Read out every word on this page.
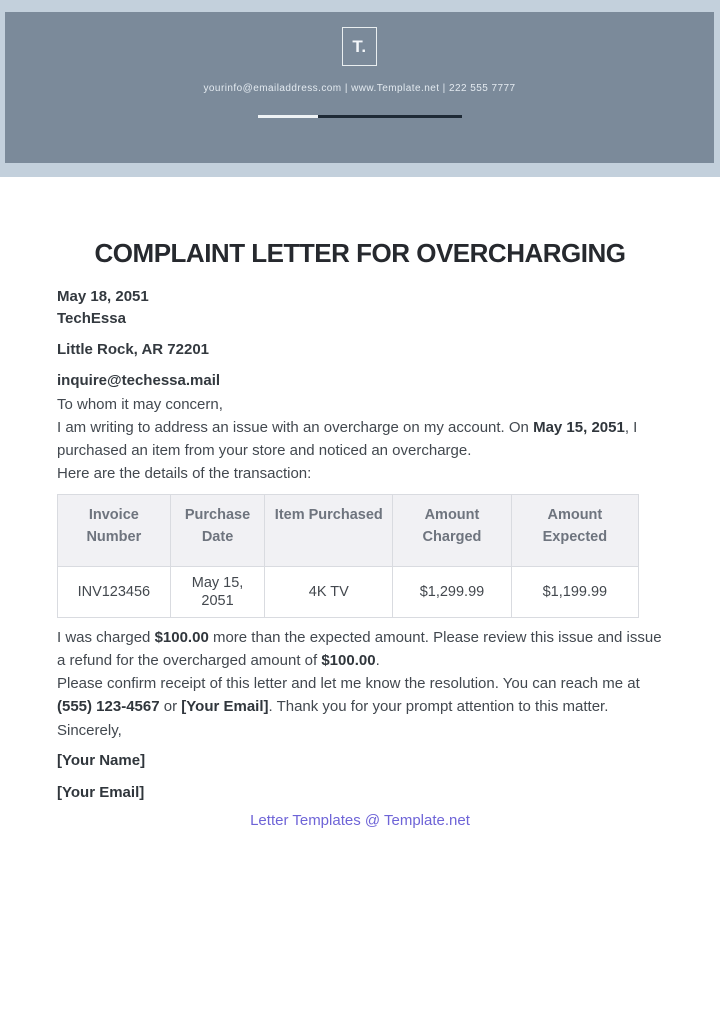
T.
yourinfo@emailaddress.com | www.Template.net | 222 555 7777
COMPLAINT LETTER FOR OVERCHARGING
May 18, 2051
TechEssa
Little Rock, AR 72201
inquire@techessa.mail
To whom it may concern,

I am writing to address an issue with an overcharge on my account. On May 15, 2051, I purchased an item from your store and noticed an overcharge.

Here are the details of the transaction:
Invoice Number	Purchase Date	Item Purchased	Amount Charged	Amount Expected
INV123456	May 15, 2051	4K TV	$1,299.99	$1,199.99

I was charged $100.00 more than the expected amount. Please review this issue and issue a refund for the overcharged amount of $100.00.

Please confirm receipt of this letter and let me know the resolution. You can reach me at (555) 123-4567 or [Your Email]. Thank you for your prompt attention to this matter.

Sincerely,
[Your Name]
[Your Email]
Letter Templates @ Template.net
